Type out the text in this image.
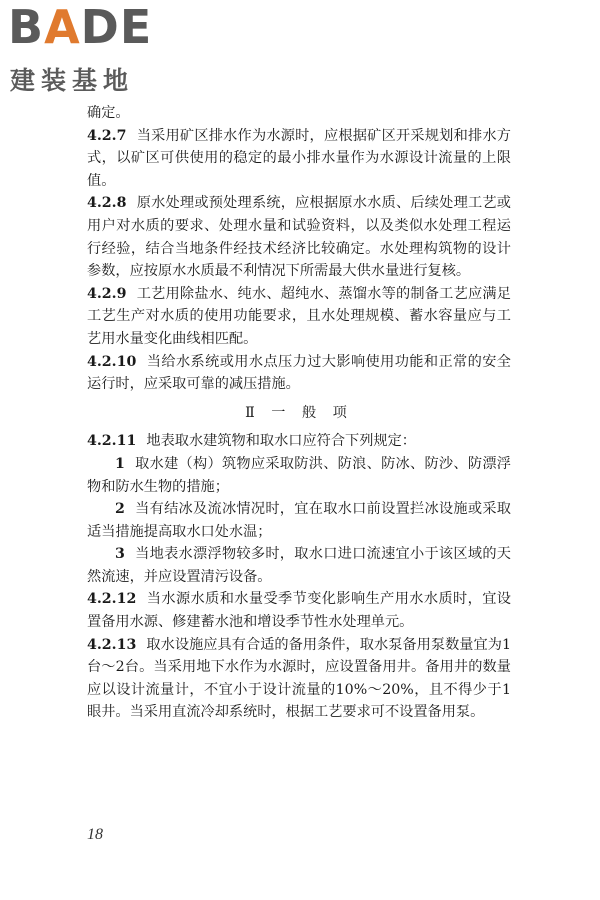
BADE
建装基地

确定。

4.2.7 当采用矿区排水作为水源时，应根据矿区开采规划和排水方式，以矿区可供使用的稳定的最小排水量作为水源设计流量的上限值。

4.2.8 原水处理或预处理系统，应根据原水水质、后续处理工艺或用户对水质的要求、处理水量和试验资料，以及类似水处理工程运行经验，结合当地条件经技术经济比较确定。水处理构筑物的设计参数，应按原水水质最不利情况下所需最大供水量进行复核。

4.2.9 工艺用除盐水、纯水、超纯水、蒸馏水等的制备工艺应满足工艺生产对水质的使用功能要求，且水处理规模、蓄水容量应与工艺用水量变化曲线相匹配。

4.2.10 当给水系统或用水点压力过大影响使用功能和正常的安全运行时，应采取可靠的减压措施。

Ⅱ 一 般 项

4.2.11 地表取水建筑物和取水口应符合下列规定：

1 取水建（构）筑物应采取防洪、防浪、防冰、防沙、防漂浮物和防水生物的措施；

2 当有结冰及流冰情况时，宜在取水口前设置拦冰设施或采取适当措施提高取水口处水温；

3 当地表水漂浮物较多时，取水口进口流速宜小于该区域的天然流速，并应设置清污设备。

4.2.12 当水源水质和水量受季节变化影响生产用水水质时，宜设置备用水源、修建蓄水池和增设季节性水处理单元。

4.2.13 取水设施应具有合适的备用条件，取水泵备用泵数量宜为1台～2台。当采用地下水作为水源时，应设置备用井。备用井的数量应以设计流量计，不宜小于设计流量的10%～20%，且不得少于1眼井。当采用直流冷却系统时，根据工艺要求可不设置备用泵。

18
